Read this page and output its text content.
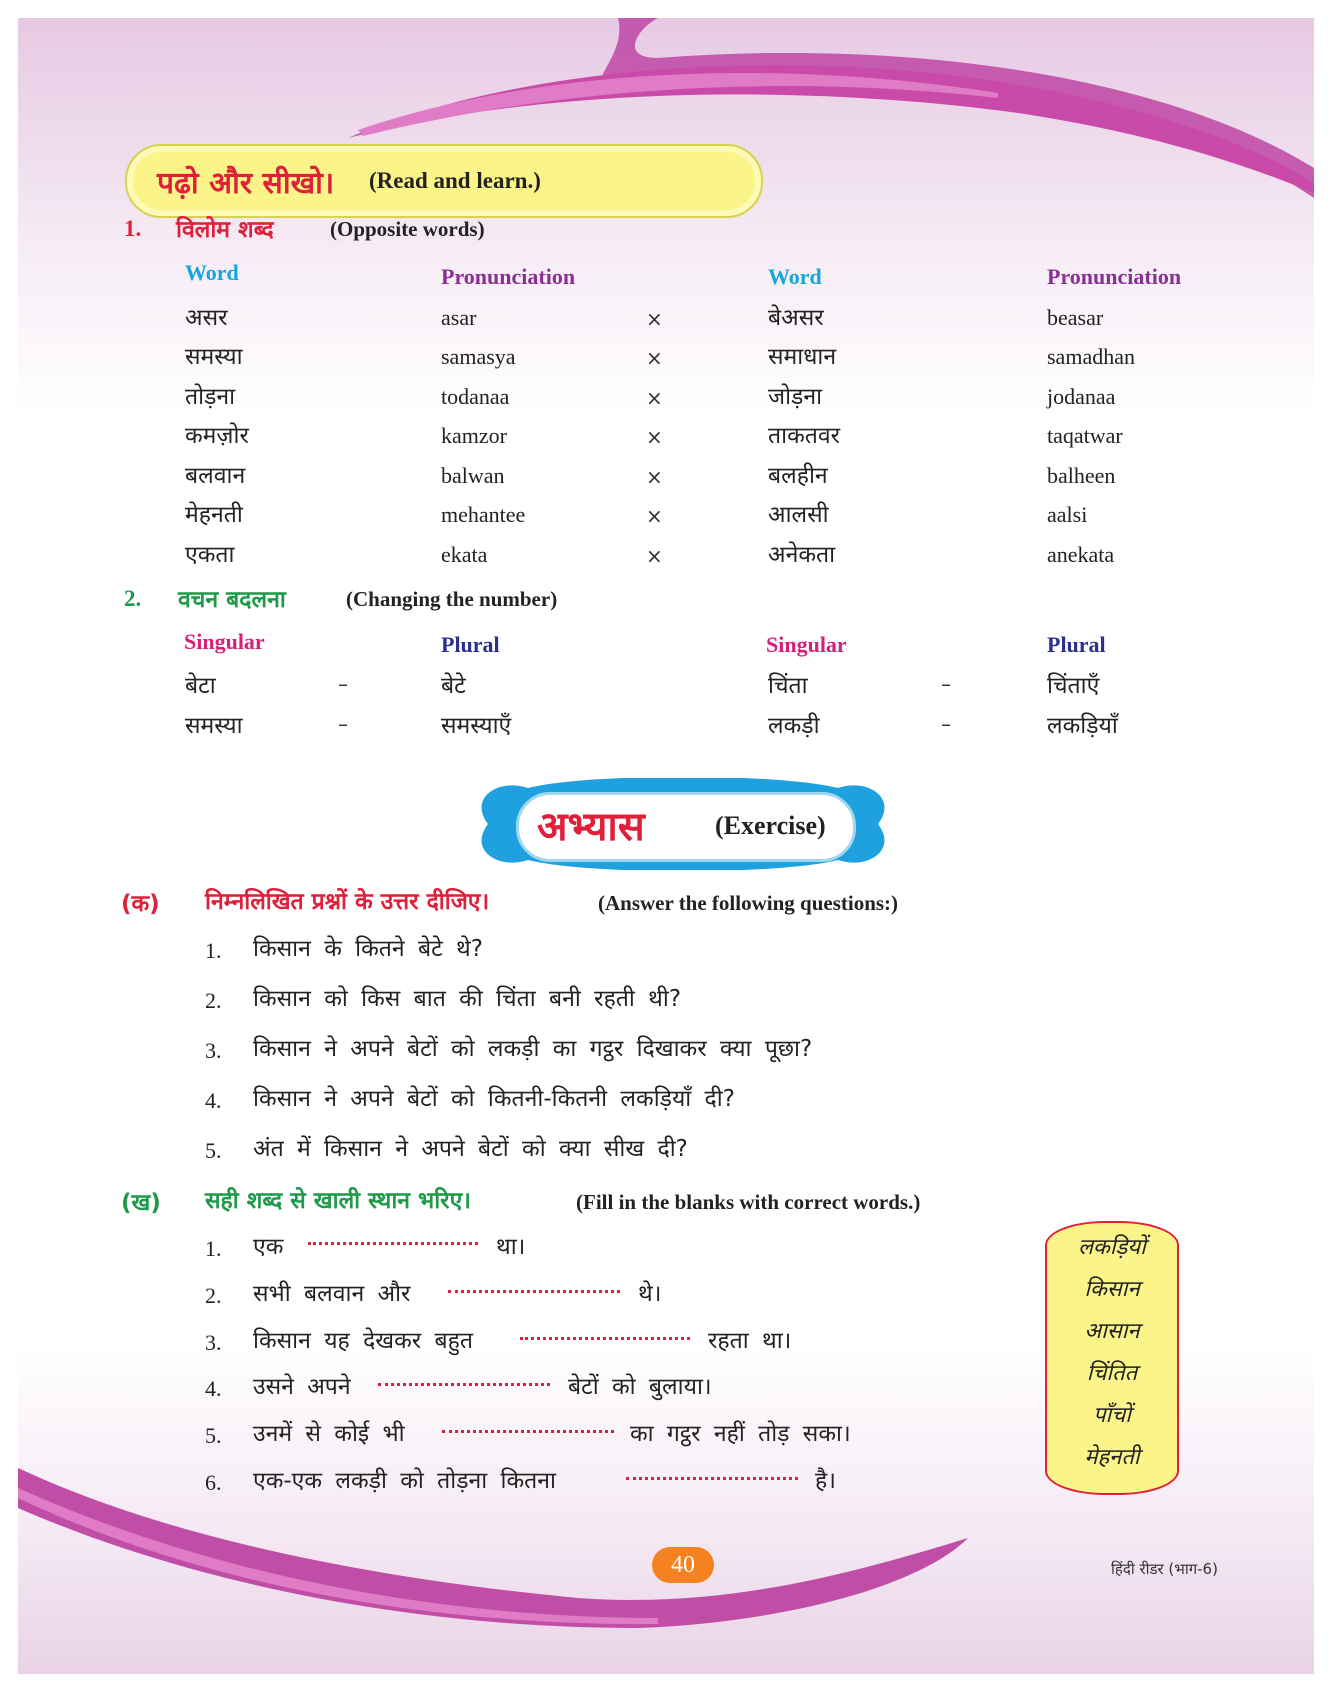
पढ़ो और सीखो। (Read and learn.)
1. विलोम शब्द	(Opposite words)
Word	Pronunciation	Word	Pronunciation
असर	asar	×	बेअसर	beasar
समस्या	samasya	×	समाधान	samadhan
तोड़ना	todanaa	×	जोड़ना	jodanaa
कमज़ोर	kamzor	×	ताकतवर	taqatwar
बलवान	balwan	×	बलहीन	balheen
मेहनती	mehantee	×	आलसी	aalsi
एकता	ekata	×	अनेकता	anekata
2. वचन बदलना	(Changing the number)
Singular	Plural	Singular	Plural
बेटा	–	बेटे	चिंता	–	चिंताएँ
समस्या	–	समस्याएँ	लकड़ी	–	लकड़ियाँ
अभ्यास	(Exercise)
(क) निम्नलिखित प्रश्नों के उत्तर दीजिए।	(Answer the following questions:)
1. किसान के कितने बेटे थे?
2. किसान को किस बात की चिंता बनी रहती थी?
3. किसान ने अपने बेटों को लकड़ी का गट्ठर दिखाकर क्या पूछा?
4. किसान ने अपने बेटों को कितनी-कितनी लकड़ियाँ दी?
5. अंत में किसान ने अपने बेटों को क्या सीख दी?
(ख) सही शब्द से खाली स्थान भरिए।	(Fill in the blanks with correct words.)
1. एक	था।
2. सभी बलवान और	थे।
3. किसान यह देखकर बहुत	रहता था।
4. उसने अपने	बेटों को बुलाया।
5. उनमें से कोई भी	का गट्ठर नहीं तोड़ सका।
6. एक-एक लकड़ी को तोड़ना कितना	है।
लकड़ियों
किसान
आसान
चिंतित
पाँचों
मेहनती
40	हिंदी रीडर (भाग-6)
